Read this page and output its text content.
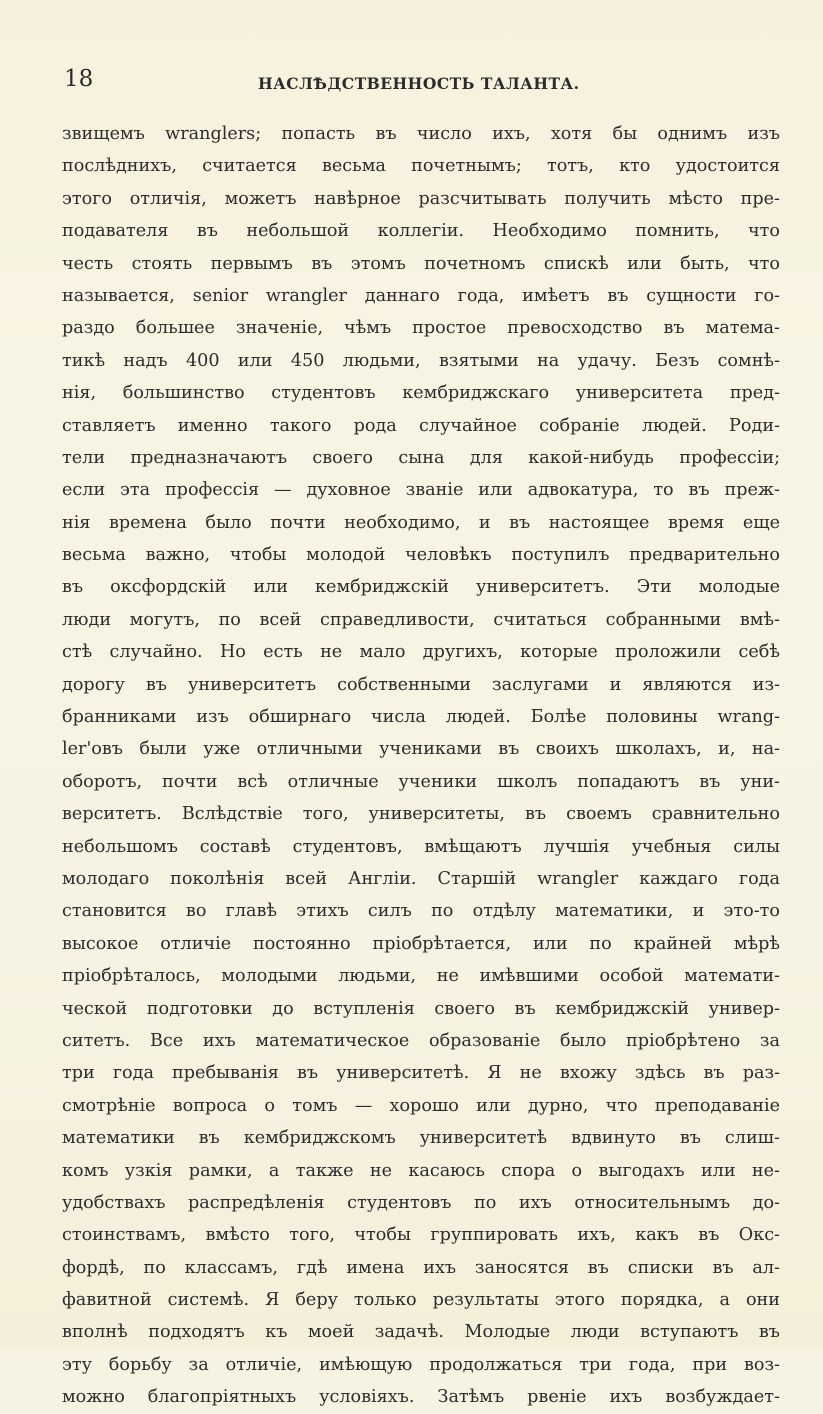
18	НАСЛѢДСТВЕННОСТЬ ТАЛАНТА.
звищемъ wranglers; попасть въ число ихъ, хотя бы однимъ изъ
послѣднихъ, считается весьма почетнымъ; тотъ, кто удостоится
этого отличія, можетъ навѣрное разсчитывать получить мѣсто пре-
подавателя въ небольшой коллегіи. Необходимо помнить, что
честь стоять первымъ въ этомъ почетномъ спискѣ или быть, что
называется, senior wrangler даннаго года, имѣетъ въ сущности го-
раздо большее значеніе, чѣмъ простое превосходство въ матема-
тикѣ надъ 400 или 450 людьми, взятыми на удачу. Безъ сомнѣ-
нія, большинство студентовъ кембриджскаго университета пред-
ставляетъ именно такого рода случайное собраніе людей. Роди-
тели предназначаютъ своего сына для какой-нибудь профессіи;
если эта профессія — духовное званіе или адвокатура, то въ преж-
нія времена было почти необходимо, и въ настоящее время еще
весьма важно, чтобы молодой человѣкъ поступилъ предварительно
въ оксфордскій или кембриджскій университетъ. Эти молодые
люди могутъ, по всей справедливости, считаться собранными вмѣ-
стѣ случайно. Но есть не мало другихъ, которые проложили себѣ
дорогу въ университетъ собственными заслугами и являются из-
бранниками изъ обширнаго числа людей. Болѣе половины wrang-
ler'овъ были уже отличными учениками въ своихъ школахъ, и, на-
оборотъ, почти всѣ отличные ученики школъ попадаютъ въ уни-
верситетъ. Вслѣдствіе того, университеты, въ своемъ сравнительно
небольшомъ составѣ студентовъ, вмѣщаютъ лучшія учебныя силы
молодаго поколѣнія всей Англіи. Старшій wrangler каждаго года
становится во главѣ этихъ силъ по отдѣлу математики, и это-то
высокое отличіе постоянно пріобрѣтается, или по крайней мѣрѣ
пріобрѣталось, молодыми людьми, не имѣвшими особой математи-
ческой подготовки до вступленія своего въ кембриджскій универ-
ситетъ. Все ихъ математическое образованіе было пріобрѣтено за
три года пребыванія въ университетѣ. Я не вхожу здѣсь въ раз-
смотрѣніе вопроса о томъ — хорошо или дурно, что преподаваніе
математики въ кембриджскомъ университетѣ вдвинуто въ слиш-
комъ узкія рамки, а также не касаюсь спора о выгодахъ или не-
удобствахъ распредѣленія студентовъ по ихъ относительнымъ до-
стоинствамъ, вмѣсто того, чтобы группировать ихъ, какъ въ Окс-
фордѣ, по классамъ, гдѣ имена ихъ заносятся въ списки въ ал-
фавитной системѣ. Я беру только результаты этого порядка, а они
вполнѣ подходятъ къ моей задачѣ. Молодые люди вступаютъ въ
эту борьбу за отличіе, имѣющую продолжаться три года, при воз-
можно благопріятныхъ условіяхъ. Затѣмъ рвеніе ихъ возбуждает-
